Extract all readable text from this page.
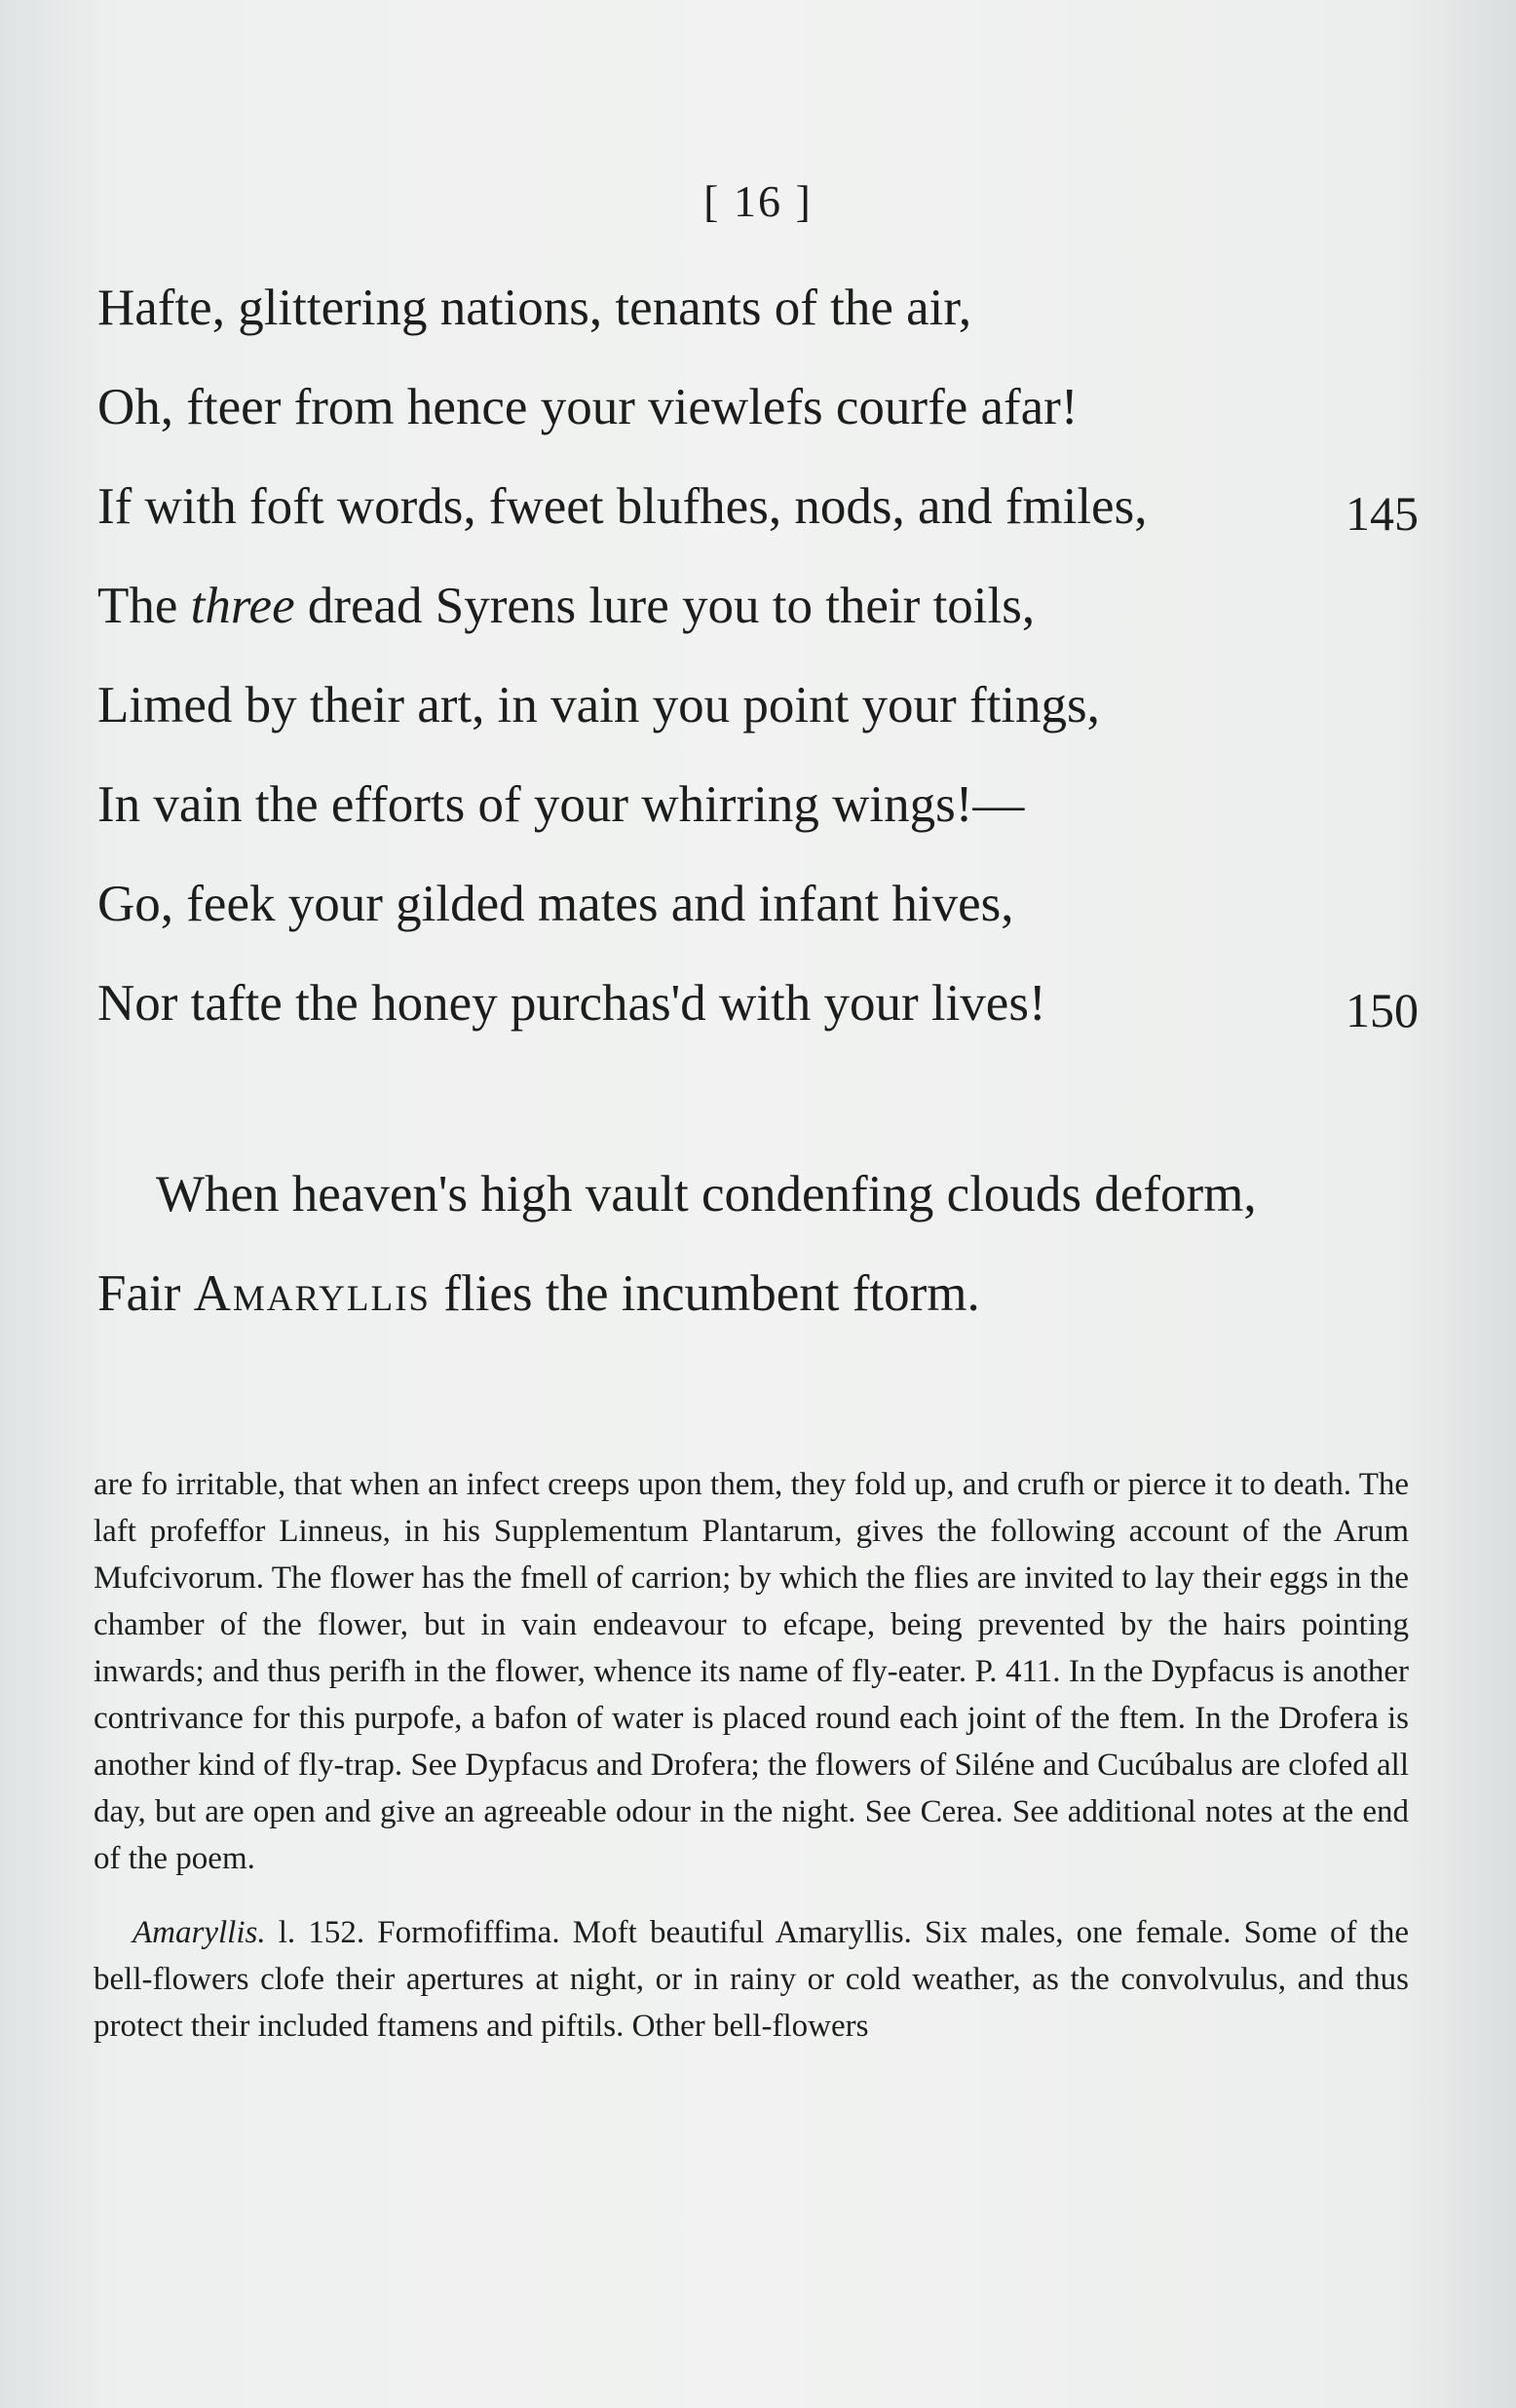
[ 16 ]
Hafte, glittering nations, tenants of the air,
Oh, fteer from hence your viewlefs courfe afar!
If with foft words, fweet blufhes, nods, and fmiles,	145
The three dread Syrens lure you to their toils,
Limed by their art, in vain you point your ftings,
In vain the efforts of your whirring wings!—
Go, feek your gilded mates and infant hives,
Nor tafte the honey purchas'd with your lives!	150
When heaven's high vault condenfing clouds deform,
Fair Amaryllis flies the incumbent ftorm.

are fo irritable, that when an infect creeps upon them, they fold up, and crufh or pierce it to death. The laft profeffor Linneus, in his Supplementum Plantarum, gives the following account of the Arum Mufcivorum. The flower has the fmell of carrion; by which the flies are invited to lay their eggs in the chamber of the flower, but in vain endeavour to efcape, being prevented by the hairs pointing inwards; and thus perifh in the flower, whence its name of fly-eater. P. 411. In the Dypfacus is another contrivance for this purpofe, a bafon of water is placed round each joint of the ftem. In the Drofera is another kind of fly-trap. See Dypfacus and Drofera; the flowers of Siléne and Cucúbalus are clofed all day, but are open and give an agreeable odour in the night. See Cerea. See additional notes at the end of the poem.

Amaryllis. l. 152. Formofiffima. Moft beautiful Amaryllis. Six males, one female. Some of the bell-flowers clofe their apertures at night, or in rainy or cold weather, as the convolvulus, and thus protect their included ftamens and piftils. Other bell-flowers
